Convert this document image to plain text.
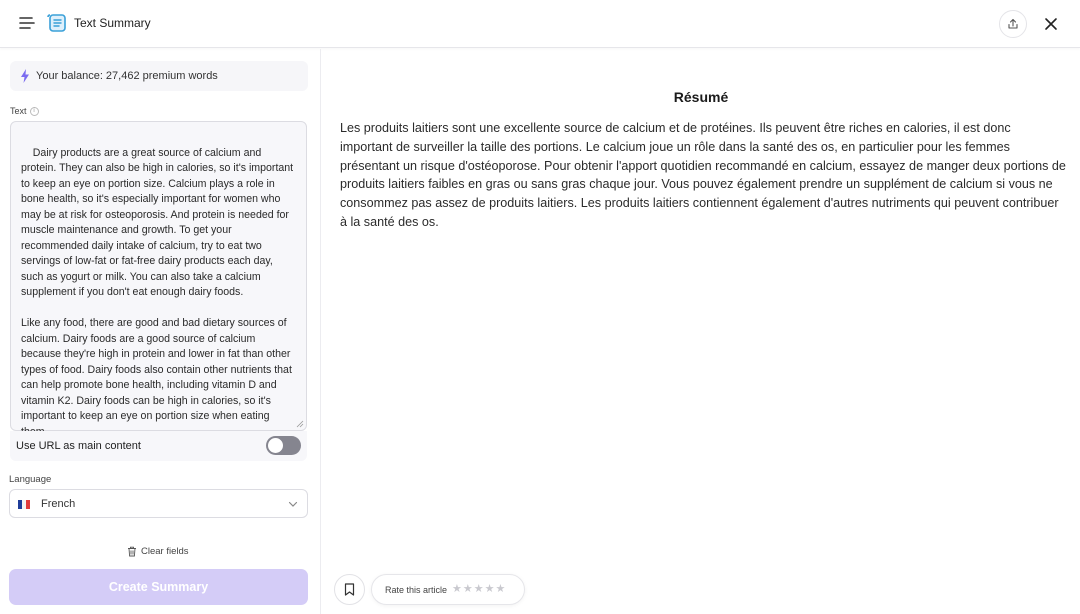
Text Summary
Your balance: 27,462 premium words
Text i

Dairy products are a great source of calcium and protein. They can also be high in calories, so it's important to keep an eye on portion size. Calcium plays a role in bone health, so it's especially important for women who may be at risk for osteoporosis. And protein is needed for muscle maintenance and growth. To get your recommended daily intake of calcium, try to eat two servings of low-fat or fat-free dairy products each day, such as yogurt or milk. You can also take a calcium supplement if you don't eat enough dairy foods.

Like any food, there are good and bad dietary sources of calcium. Dairy foods are a good source of calcium because they're high in protein and lower in fat than other types of food. Dairy foods also contain other nutrients that can help promote bone health, including vitamin D and vitamin K2. Dairy foods can be high in calories, so it's important to keep an eye on portion size when eating

Use URL as main content
Language
French
Clear fields
Create Summary
Résumé
Les produits laitiers sont une excellente source de calcium et de protéines. Ils peuvent être riches en calories, il est donc important de surveiller la taille des portions. Le calcium joue un rôle dans la santé des os, en particulier pour les femmes présentant un risque d'ostéoporose. Pour obtenir l'apport quotidien recommandé en calcium, essayez de manger deux portions de produits laitiers faibles en gras ou sans gras chaque jour. Vous pouvez également prendre un supplément de calcium si vous ne consommez pas assez de produits laitiers. Les produits laitiers contiennent également d'autres nutriments qui peuvent contribuer à la santé des os.
Rate this article ★ ★ ★ ★ ★
